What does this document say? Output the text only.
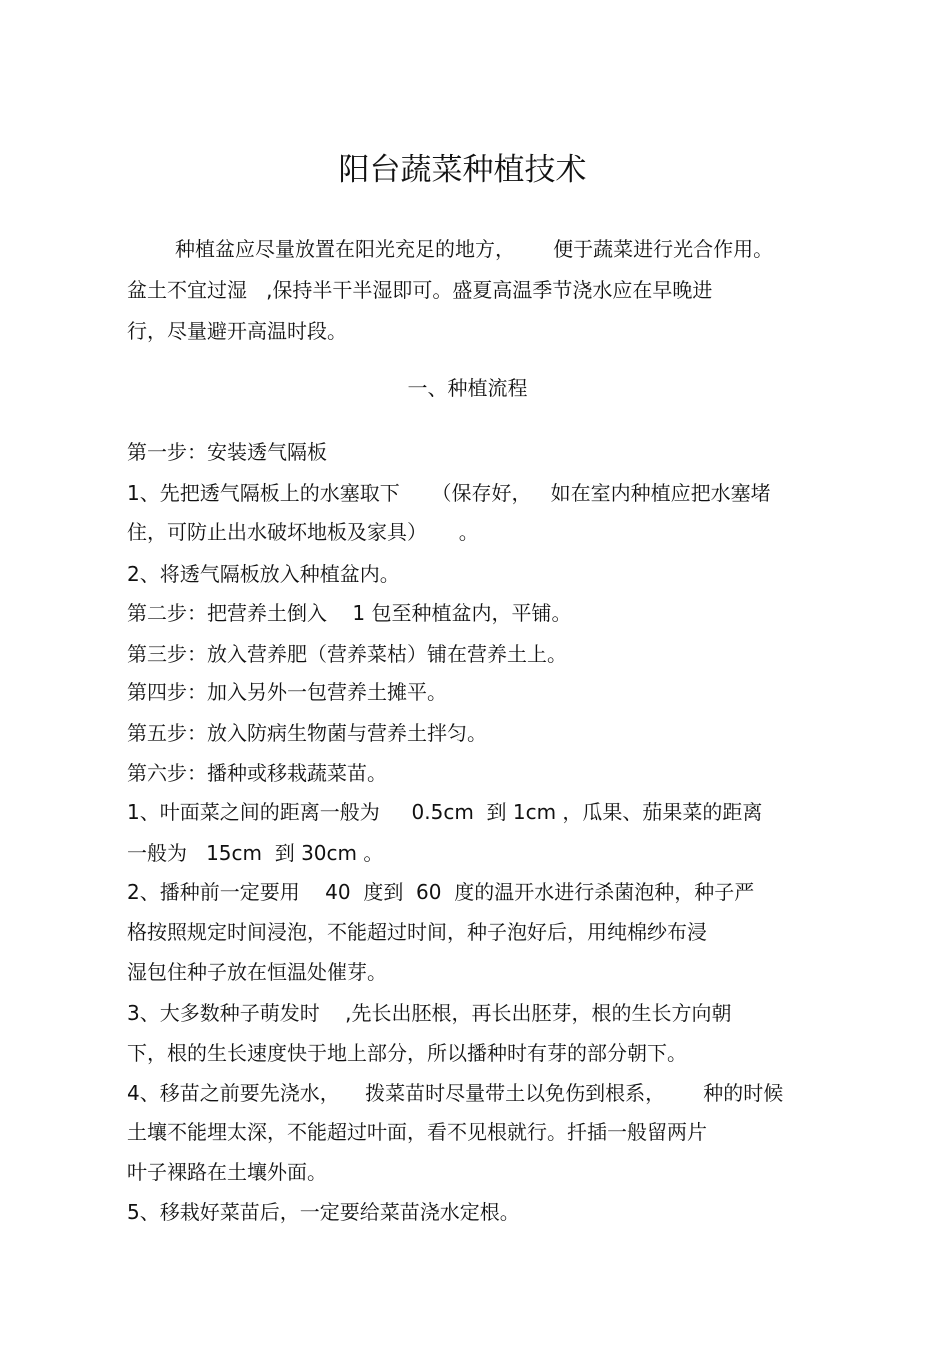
阳台蔬菜种植技术
种植盆应尽量放置在阳光充足的地方，      便于蔬菜进行光合作用。
盆土不宜过湿   ,保持半干半湿即可。盛夏高温季节浇水应在早晚进
行，尽量避开高温时段。
一、种植流程
第一步：安装透气隔板
1、先把透气隔板上的水塞取下     （保存好，   如在室内种植应把水塞堵
住，可防止出水破坏地板及家具）     。
2、将透气隔板放入种植盆内。
第二步：把营养土倒入    1 包至种植盆内，平铺。
第三步：放入营养肥（营养菜枯）铺在营养土上。
第四步：加入另外一包营养土摊平。
第五步：放入防病生物菌与营养土拌匀。
第六步：播种或移栽蔬菜苗。
1、叶面菜之间的距离一般为     0.5cm  到 1cm ，瓜果、茄果菜的距离
一般为   15cm  到 30cm 。
2、播种前一定要用    40  度到  60  度的温开水进行杀菌泡种，种子严
格按照规定时间浸泡，不能超过时间，种子泡好后，用纯棉纱布浸
湿包住种子放在恒温处催芽。
3、大多数种子萌发时    ,先长出胚根，再长出胚芽，根的生长方向朝
下，根的生长速度快于地上部分，所以播种时有芽的部分朝下。
4、移苗之前要先浇水，    拨菜苗时尽量带土以免伤到根系，      种的时候
土壤不能埋太深，不能超过叶面，看不见根就行。扦插一般留两片
叶子裸路在土壤外面。
5、移栽好菜苗后，一定要给菜苗浇水定根。
